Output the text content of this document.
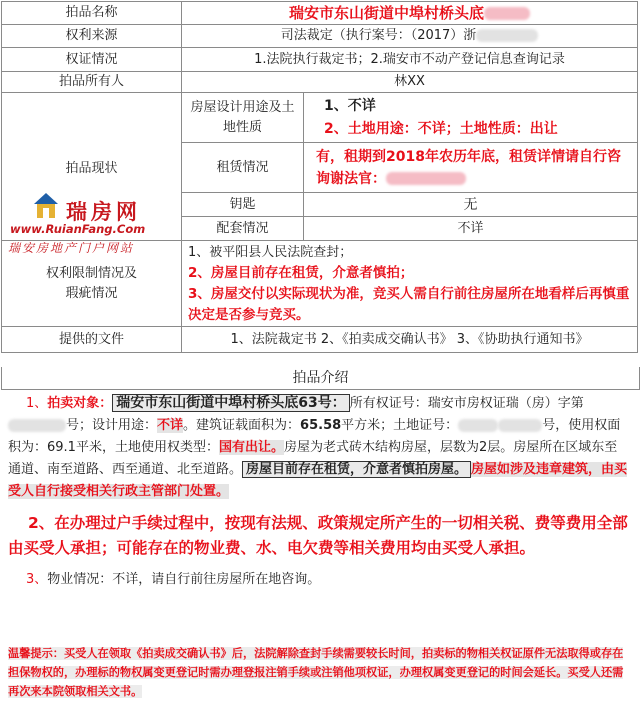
拍品名称	瑞安市东山街道中埠村桥头底	
权利来源	司法裁定（执行案号：（2017）浙	
权证情况	1.法院执行裁定书；2.瑞安市不动产登记信息查询记录	
拍品所有人	林XX	
拍品现状	房屋设计用途及土地性质	1、不详
2、土地用途：不详；土地性质：出让

	租赁情况	有，租期到2018年农历年底，租赁详情请自行咨询谢法官：
	钥匙	无
	配套情况	不详
权利限制情况及瑕疵情况	1、被平阳县人民法院查封；
2、房屋目前存在租赁，介意者慎拍；
3、房屋交付以实际现状为准，竞买人需自行前往房屋所在地看样后再慎重决定是否参与竞买。	

提供的文件	1、法院裁定书 2、《拍卖成交确认书》 3、《协助执行通知书》	
瑞房网
www.RuianFang.Com
瑞安房地产门户网站
拍品介绍

1、拍卖对象： 瑞安市东山街道中埠村桥头底63号： 所有权证号：瑞安市房权证瑞（房）字第号；设计用途：不详。建筑证载面积为：65.58平方米；土地证号：	号，使用权面积为：69.1平米，土地使用权类型：国有出让。房屋为老式砖木结构房屋，层数为2层。房屋所在区域东至通道、南至道路、西至通道、北至道路。 房屋目前存在租赁，介意者慎拍房屋。 房屋如涉及违章建筑，由买受人自行接受相关行政主管部门处置。

2、在办理过户手续过程中，按现有法规、政策规定所产生的一切相关税、费等费用全部由买受人承担；可能存在的物业费、水、电欠费等相关费用均由买受人承担。

3、物业情况：不详，请自行前往房屋所在地咨询。

温馨提示：买受人在领取《拍卖成交确认书》后，法院解除查封手续需要较长时间，拍卖标的物相关权证原件无法取得或存在担保物权的，办理标的物权属变更登记时需办理登报注销手续或注销他项权证，办理权属变更登记的时间会延长。买受人还需再次来本院领取相关文书。
